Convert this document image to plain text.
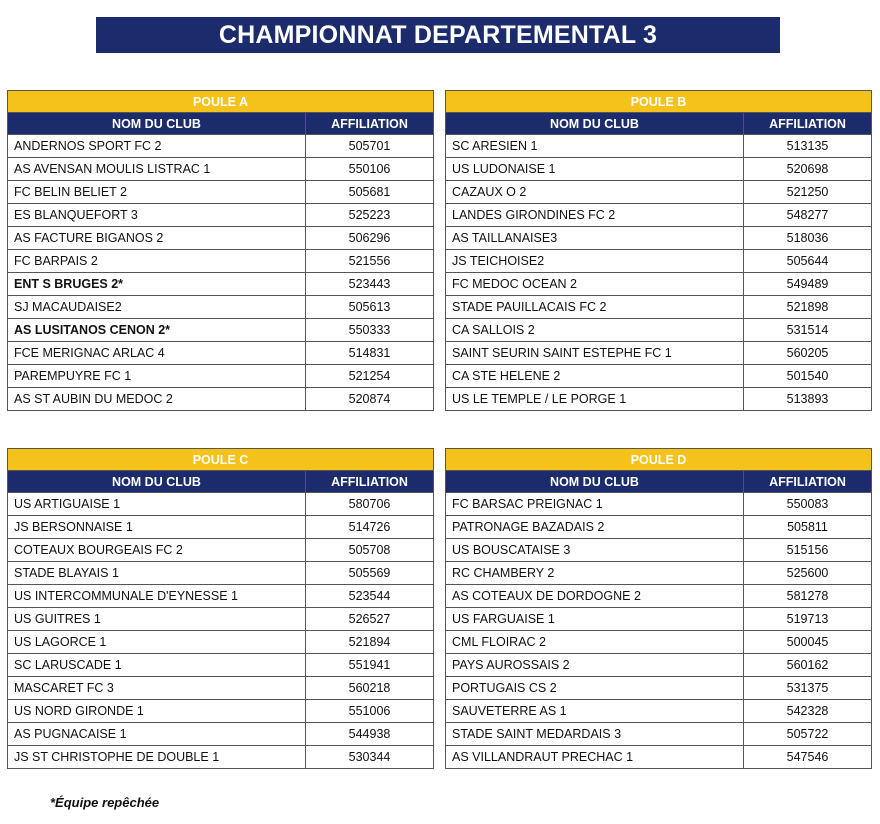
CHAMPIONNAT DEPARTEMENTAL 3
POULE A	
NOM DU CLUB	AFFILIATION
ANDERNOS SPORT FC 2	505701
AS AVENSAN MOULIS LISTRAC 1	550106
FC BELIN BELIET 2	505681
ES BLANQUEFORT 3	525223
AS FACTURE BIGANOS 2	506296
FC BARPAIS 2	521556
ENT S BRUGES 2*	523443
SJ MACAUDAISE2	505613
AS LUSITANOS CENON 2*	550333
FCE MERIGNAC ARLAC 4	514831
PAREMPUYRE FC 1	521254
AS ST AUBIN DU MEDOC 2	520874
POULE B	
NOM DU CLUB	AFFILIATION
SC ARESIEN 1	513135
US LUDONAISE 1	520698
CAZAUX O 2	521250
LANDES GIRONDINES FC 2	548277
AS TAILLANAISE3	518036
JS TEICHOISE2	505644
FC MEDOC OCEAN 2	549489
STADE PAUILLACAIS FC 2	521898
CA SALLOIS 2	531514
SAINT SEURIN SAINT ESTEPHE FC 1	560205
CA STE HELENE 2	501540
US LE TEMPLE / LE PORGE 1	513893
POULE C	
NOM DU CLUB	AFFILIATION
US ARTIGUAISE 1	580706
JS BERSONNAISE 1	514726
COTEAUX BOURGEAIS FC 2	505708
STADE BLAYAIS 1	505569
US INTERCOMMUNALE D'EYNESSE 1	523544
US GUITRES 1	526527
US LAGORCE 1	521894
SC LARUSCADE 1	551941
MASCARET FC 3	560218
US NORD GIRONDE 1	551006
AS PUGNACAISE 1	544938
JS ST CHRISTOPHE DE DOUBLE 1	530344
POULE D	
NOM DU CLUB	AFFILIATION
FC BARSAC PREIGNAC 1	550083
PATRONAGE BAZADAIS 2	505811
US BOUSCATAISE 3	515156
RC CHAMBERY 2	525600
AS COTEAUX DE DORDOGNE 2	581278
US FARGUAISE 1	519713
CML FLOIRAC 2	500045
PAYS AUROSSAIS 2	560162
PORTUGAIS CS 2	531375
SAUVETERRE AS 1	542328
STADE SAINT MEDARDAIS 3	505722
AS VILLANDRAUT PRECHAC 1	547546
*Équipe repêchée
